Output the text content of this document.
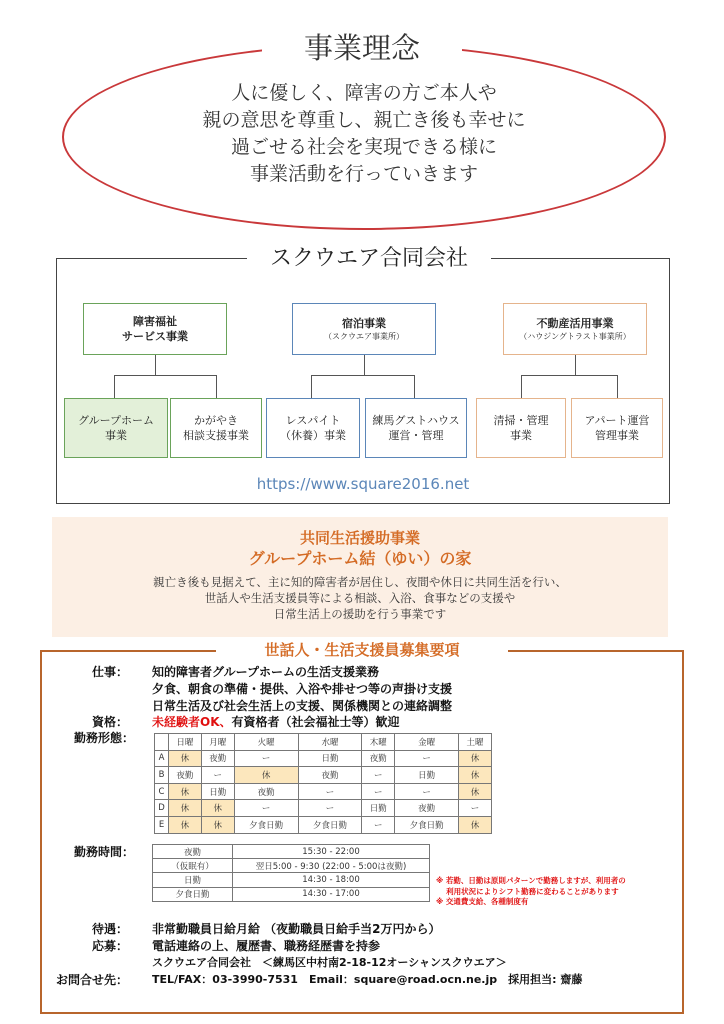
事業理念
人に優しく、障害の方ご本人や
親の意思を尊重し、親亡き後も幸せに
過ごせる社会を実現できる様に
事業活動を行っていきます
スクウエア合同会社
障害福祉
サービス事業
宿泊事業
（スクウエア事業所）
不動産活用事業
（ハウジングトラスト事業所）
グループホーム
事業
かがやき
相談支援事業
レスパイト
（休養）事業
練馬グストハウス
運営・管理
清掃・管理
事業
アパート運営
管理事業
https://www.square2016.net
共同生活援助事業
グループホーム結（ゆい）の家
親亡き後も見据えて、主に知的障害者が居住し、夜間や休日に共同生活を行い、
世話人や生活支援員等による相談、入浴、食事などの支援や
日常生活上の援助を行う事業です
世話人・生活支援員募集要項
仕事： 知的障害者グループホームの生活支援業務
夕食、朝食の準備・提供、入浴や排せつ等の声掛け支援
日常生活及び社会生活上の支援、関係機関との連絡調整
資格： 未経験者OK、有資格者（社会福祉士等）歓迎
勤務形態：
		日曜	月曜	火曜	水曜	木曜	金曜	土曜
A	休	夜勤	ー	日勤	夜勤	ー	休
B	夜勤	ー	休	夜勤	ー	日勤	休
C	休	日勤	夜勤	ー	ー	ー	休
D	休	休	ー	ー	日勤	夜勤	ー
E	休	休	夕食日勤	夕食日勤	ー	夕食日勤	休
勤務時間：	夜勤	15:30 - 22:00
（仮眠有）	翌日5:00 - 9:30 (22:00 - 5:00は夜勤)
日勤	14:30 - 18:00
夕食日勤	14:30 - 17:00
※ 若勤、日勤は原則パターンで勤務しますが、利用者の
　 利用状況によりシフト勤務に変わることがあります
※ 交通費支給、各種制度有
待遇： 非常勤職員日給月給 （夜勤職員日給手当2万円から）
応募： 電話連絡の上、履歴書、職務経歴書を持参
スクウエア合同会社　＜練馬区中村南2-18-12オーシャンスクウエア＞
お問合せ先： TEL/FAX：03-3990-7531　Email：square@road.ocn.ne.jp　採用担当: 齋藤
